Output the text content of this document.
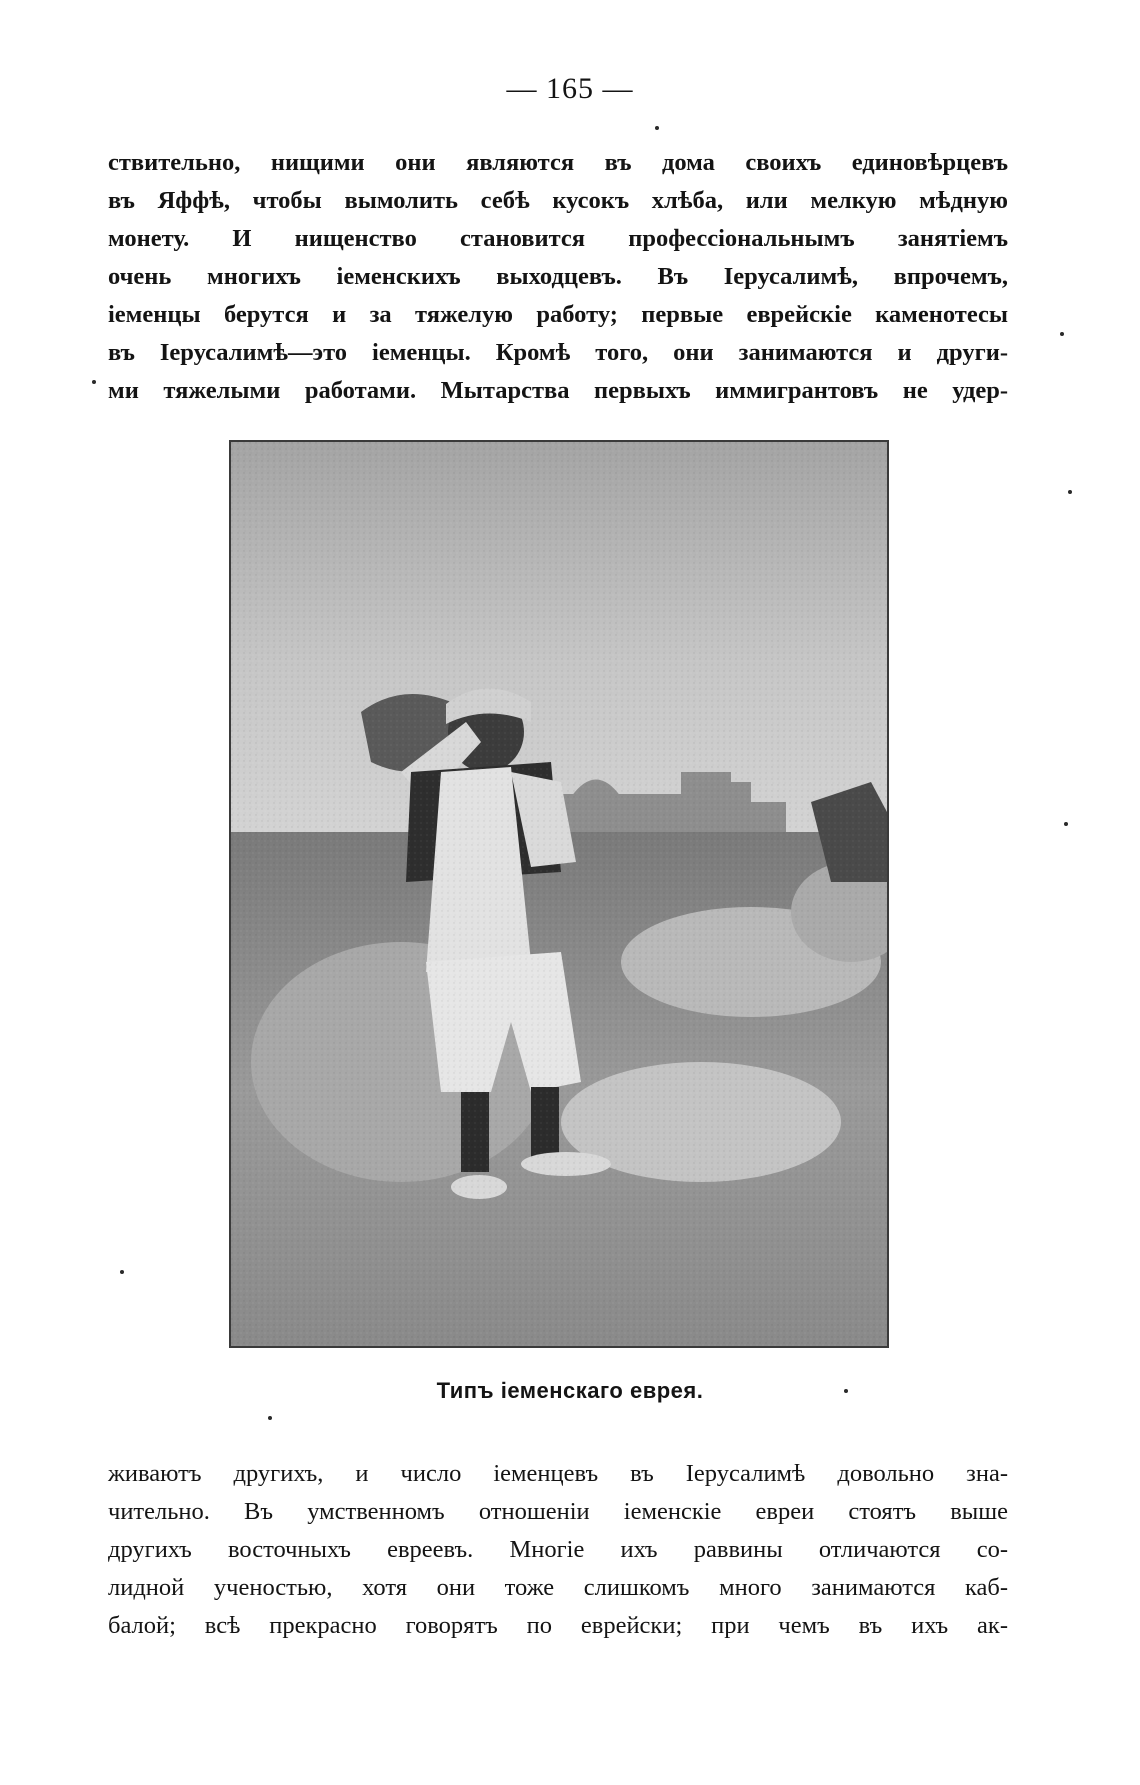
— 165 —
ствительно, нищими они являются въ дома своихъ единовѣрцевъ
въ Яффѣ, чтобы вымолить себѣ кусокъ хлѣба, или мелкую мѣдную
монету. И нищенство становится професcіональнымъ занятіемъ
очень многихъ іеменскихъ выходцевъ. Въ Іерусалимѣ, впрочемъ,
іеменцы берутся и за тяжелую работу; первые еврейскіе каменотесы
въ Іерусалимѣ—это іеменцы. Кромѣ того, они занимаются и други-
ми тяжелыми работами. Мытарства первыхъ иммигрантовъ не удер-
Типъ іеменскаго еврея.
живаютъ другихъ, и число іеменцевъ въ Іерусалимѣ довольно зна-
чительно. Въ умственномъ отношеніи іеменскіе евреи стоятъ выше
другихъ восточныхъ евреевъ. Многіе ихъ раввины отличаются со-
лидной ученостью, хотя они тоже слишкомъ много занимаются каб-
балой; всѣ прекрасно говорятъ по еврейски; при чемъ въ ихъ ак-
